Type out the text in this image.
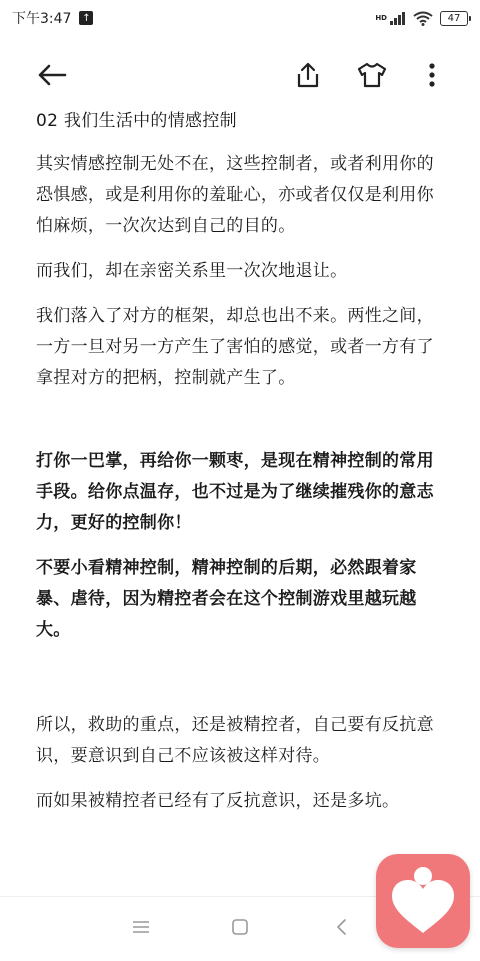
下午3:47 ↑	HD	47

02 我们生活中的情感控制

其实情感控制无处不在，这些控制者，或者利用你的恐惧感，或是利用你的羞耻心，亦或者仅仅是利用你怕麻烦，一次次达到自己的目的。

而我们，却在亲密关系里一次次地退让。

我们落入了对方的框架，却总也出不来。两性之间，一方一旦对另一方产生了害怕的感觉，或者一方有了拿捏对方的把柄，控制就产生了。

打你一巴掌，再给你一颗枣，是现在精神控制的常用手段。给你点温存，也不过是为了继续摧残你的意志力，更好的控制你！

不要小看精神控制，精神控制的后期，必然跟着家暴、虐待，因为精控者会在这个控制游戏里越玩越大。

所以，救助的重点，还是被精控者，自己要有反抗意识，要意识到自己不应该被这样对待。

而如果被精控者已经有了反抗意识，还是多坑。
